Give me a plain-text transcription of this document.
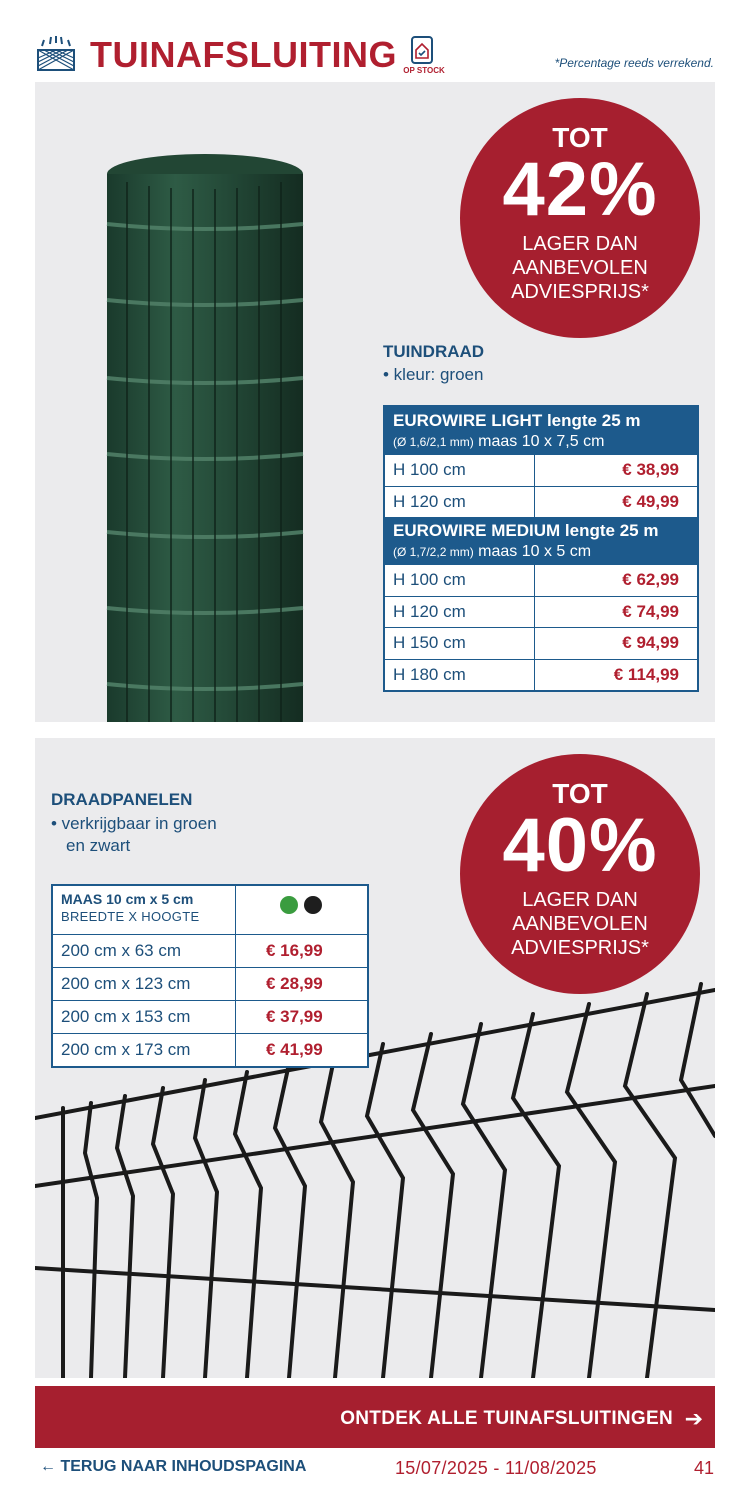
TUINAFSLUITING OP STOCK
*Percentage reeds verrekend.
TOT
42%
LAGER DAN
AANBEVOLEN
ADVIESPRIJS*
TUINDRAAD
• kleur: groen
EUROWIRE LIGHT lengte 25 m
(Ø 1,6/2,1 mm) maas 10 x 7,5 cm
H 100 cm	€ 38,99
H 120 cm	€ 49,99
EUROWIRE MEDIUM lengte 25 m
(Ø 1,7/2,2 mm) maas 10 x 5 cm
H 100 cm	€ 62,99
H 120 cm	€ 74,99
H 150 cm	€ 94,99
H 180 cm	€ 114,99
TOT
40%
LAGER DAN
AANBEVOLEN
ADVIESPRIJS*
DRAADPANELEN
• verkrijgbaar in groen
en zwart
MAAS 10 cm x 5 cm
BREEDTE X HOOGTE
200 cm x 63 cm	€ 16,99
200 cm x 123 cm	€ 28,99
200 cm x 153 cm	€ 37,99
200 cm x 173 cm	€ 41,99
ONTDEK ALLE TUINAFSLUITINGEN ➔
← TERUG NAAR INHOUDSPAGINA	15/07/2025 - 11/08/2025	41
